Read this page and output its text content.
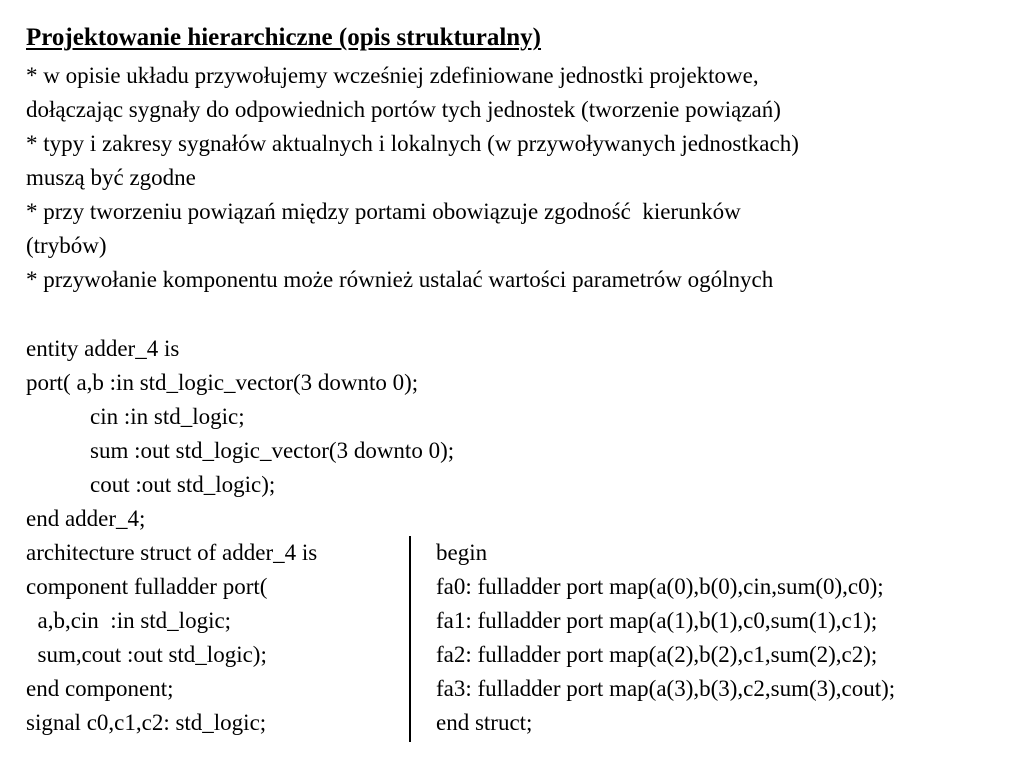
Projektowanie hierarchiczne (opis strukturalny)
* w opisie układu przywołujemy wcześniej zdefiniowane jednostki projektowe,
dołączając sygnały do odpowiednich portów tych jednostek (tworzenie powiązań)
* typy i zakresy sygnałów aktualnych i lokalnych (w przywoływanych jednostkach)
muszą być zgodne
* przy tworzeniu powiązań między portami obowiązuje zgodność  kierunków
(trybów)
* przywołanie komponentu może również ustalać wartości parametrów ogólnych
entity adder_4 is
port( a,b :in std_logic_vector(3 downto 0);
cin :in std_logic;
sum :out std_logic_vector(3 downto 0);
cout :out std_logic);
end adder_4;
architecture struct of adder_4 is
component fulladder port(
a,b,cin  :in std_logic;
sum,cout :out std_logic);
end component;
signal c0,c1,c2: std_logic;
begin
fa0: fulladder port map(a(0),b(0),cin,sum(0),c0);
fa1: fulladder port map(a(1),b(1),c0,sum(1),c1);
fa2: fulladder port map(a(2),b(2),c1,sum(2),c2);
fa3: fulladder port map(a(3),b(3),c2,sum(3),cout);
end struct;
